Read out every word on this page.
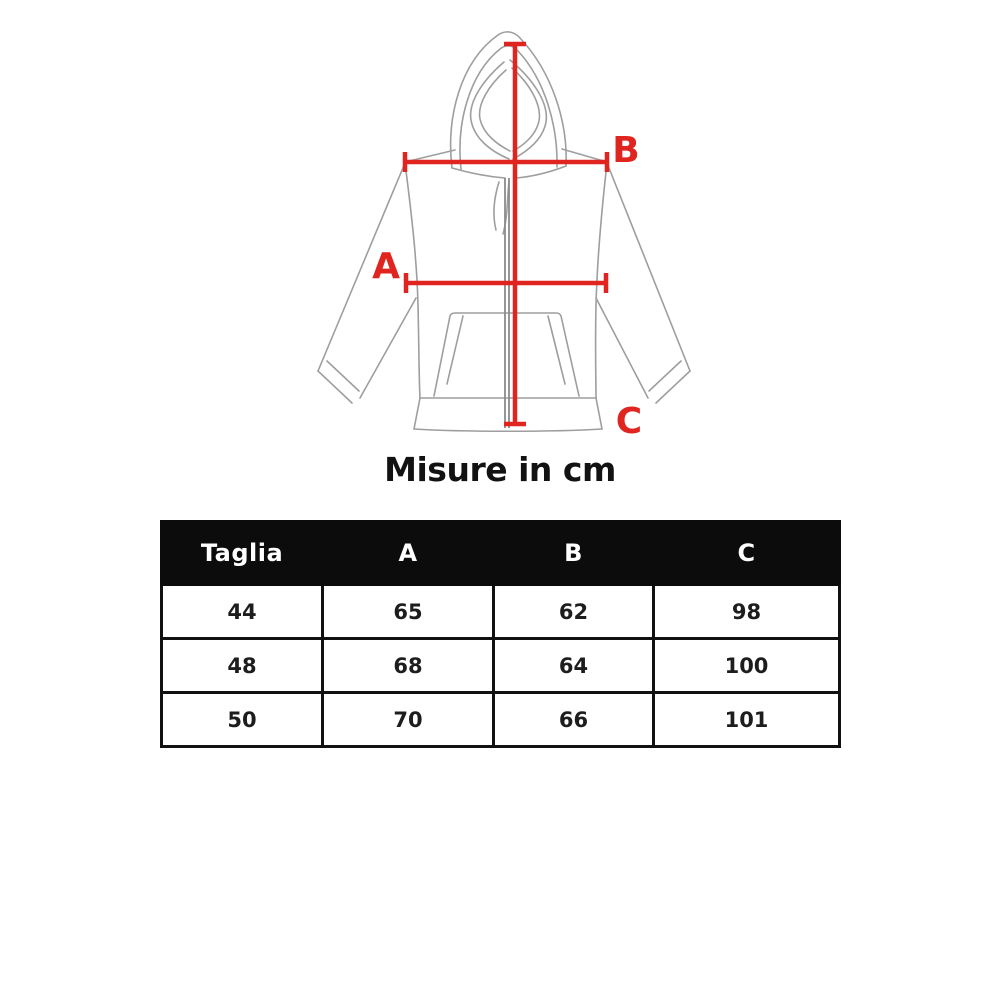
A
B
C
Misure in cm
Taglia	A	B	C
44	65	62	98
48	68	64	100
50	70	66	101
